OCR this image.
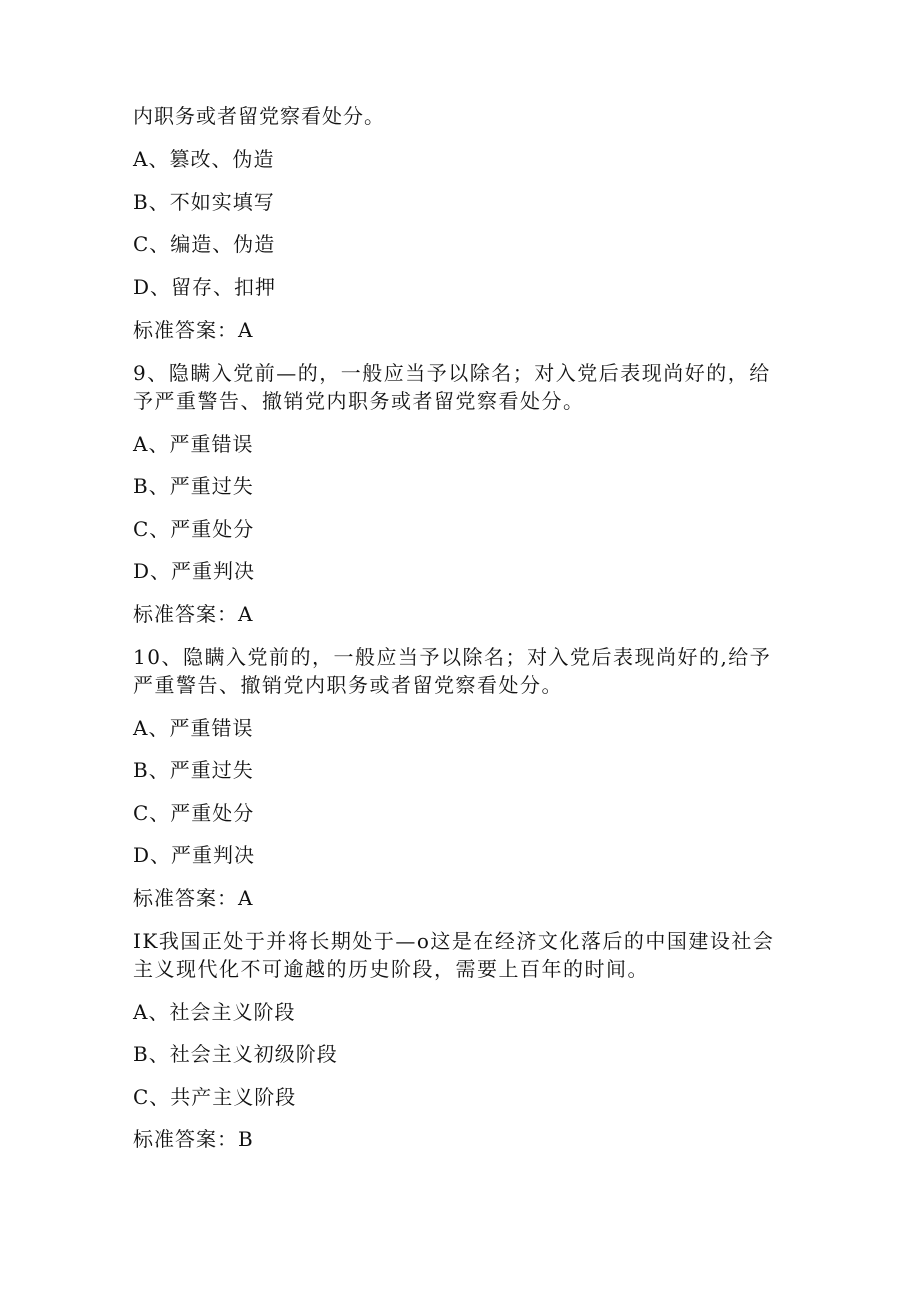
内职务或者留党察看处分。
A、篡改、伪造
B、不如实填写
C、编造、伪造
D、留存、扣押
标准答案：A
9、隐瞒入党前—的，一般应当予以除名；对入党后表现尚好的，给
予严重警告、撤销党内职务或者留党察看处分。
A、严重错误
B、严重过失
C、严重处分
D、严重判决
标准答案：A
10、隐瞒入党前的，一般应当予以除名；对入党后表现尚好的,给予
严重警告、撤销党内职务或者留党察看处分。
A、严重错误
B、严重过失
C、严重处分
D、严重判决
标准答案：A
IK我国正处于并将长期处于—o这是在经济文化落后的中国建设社会
主义现代化不可逾越的历史阶段，需要上百年的时间。
A、社会主义阶段
B、社会主义初级阶段
C、共产主义阶段
标准答案：B
